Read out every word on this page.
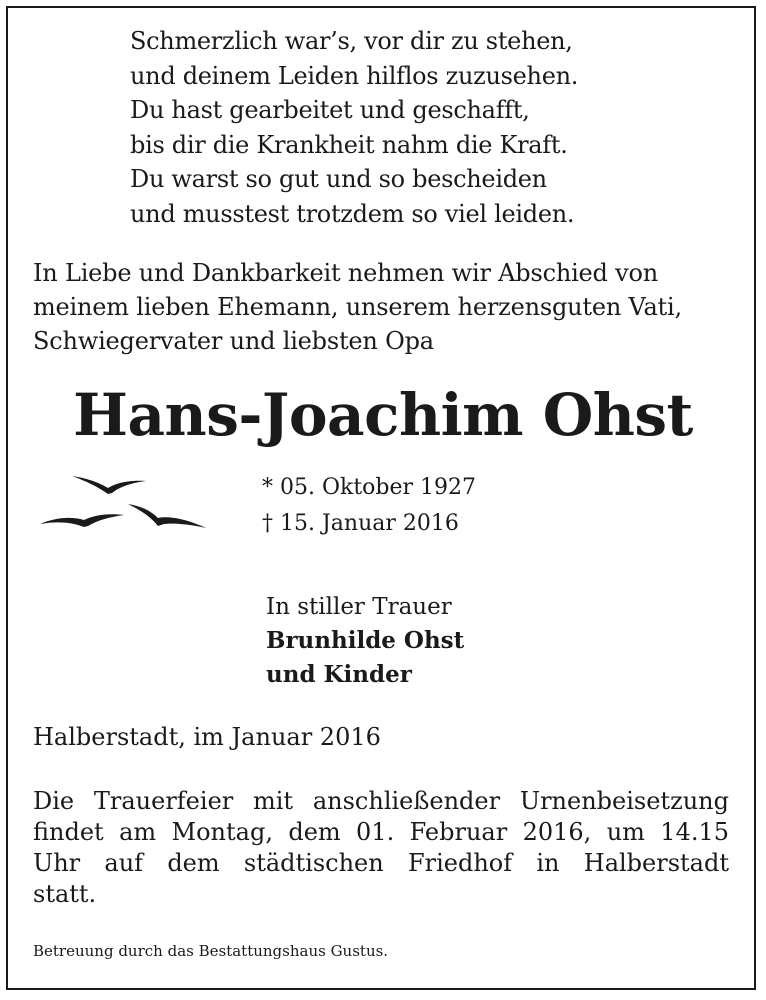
Schmerzlich war’s, vor dir zu stehen,
und deinem Leiden hilflos zuzusehen.
Du hast gearbeitet und geschafft,
bis dir die Krankheit nahm die Kraft.
Du warst so gut und so bescheiden
und musstest trotzdem so viel leiden.
In Liebe und Dankbarkeit nehmen wir Abschied von
meinem lieben Ehemann, unserem herzensguten Vati,
Schwiegervater und liebsten Opa
Hans-Joachim Ohst
* 05. Oktober 1927
† 15. Januar 2016
In stiller Trauer
Brunhilde Ohst
und Kinder
Halberstadt, im Januar 2016
Die Trauerfeier mit anschließender Urnenbeisetzung
findet am Montag, dem 01. Februar 2016, um 14.15
Uhr auf dem städtischen Friedhof in Halberstadt
statt.
Betreuung durch das Bestattungshaus Gustus.
